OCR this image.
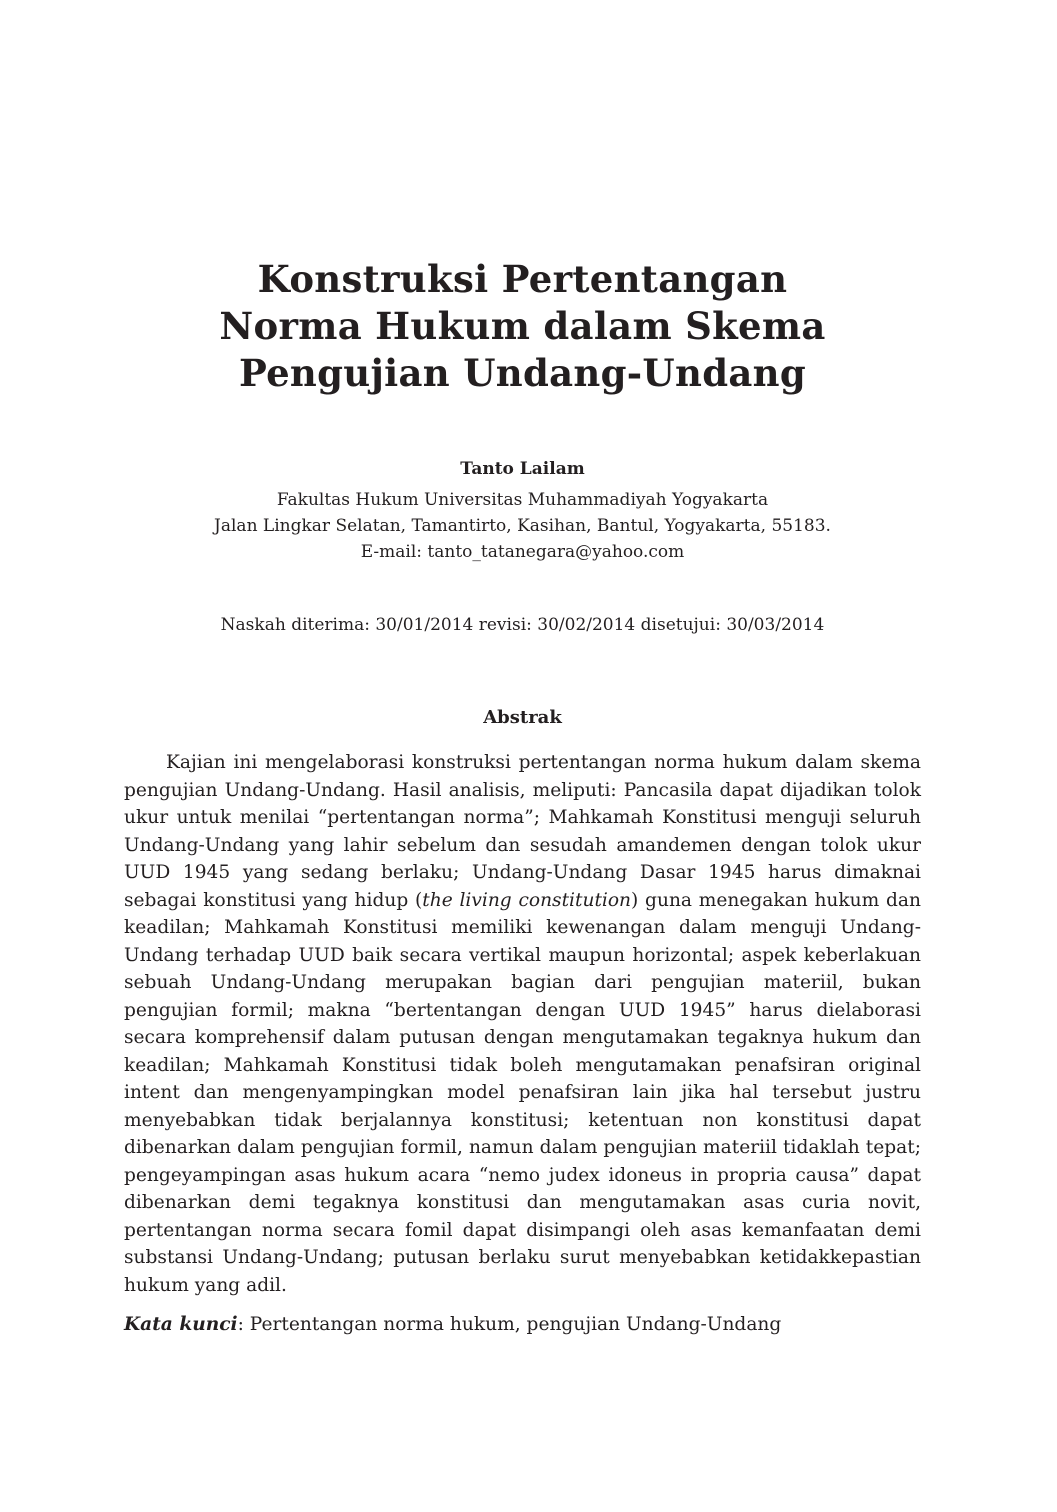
Konstruksi Pertentangan
Norma Hukum dalam Skema
Pengujian Undang-Undang
Tanto Lailam
Fakultas Hukum Universitas Muhammadiyah Yogyakarta
Jalan Lingkar Selatan, Tamantirto, Kasihan, Bantul, Yogyakarta, 55183.
E-mail: tanto_tatanegara@yahoo.com
Naskah diterima: 30/01/2014 revisi: 30/02/2014 disetujui: 30/03/2014
Abstrak

Kajian ini mengelaborasi konstruksi pertentangan norma hukum dalam skema pengujian Undang-Undang. Hasil analisis, meliputi: Pancasila dapat dijadikan tolok ukur untuk menilai “pertentangan norma”; Mahkamah Konstitusi menguji seluruh Undang-Undang yang lahir sebelum dan sesudah amandemen dengan tolok ukur UUD 1945 yang sedang berlaku; Undang-Undang Dasar 1945 harus dimaknai sebagai konstitusi yang hidup (the living constitution) guna menegakan hukum dan keadilan; Mahkamah Konstitusi memiliki kewenangan dalam menguji Undang-Undang terhadap UUD baik secara vertikal maupun horizontal; aspek keberlakuan sebuah Undang-Undang merupakan bagian dari pengujian materiil, bukan pengujian formil; makna “bertentangan dengan UUD 1945” harus dielaborasi secara komprehensif dalam putusan dengan mengutamakan tegaknya hukum dan keadilan; Mahkamah Konstitusi tidak boleh mengutamakan penafsiran original intent dan mengenyampingkan model penafsiran lain jika hal tersebut justru menyebabkan tidak berjalannya konstitusi; ketentuan non konstitusi dapat dibenarkan dalam pengujian formil, namun dalam pengujian materiil tidaklah tepat; pengeyampingan asas hukum acara “nemo judex idoneus in propria causa” dapat dibenarkan demi tegaknya konstitusi dan mengutamakan asas curia novit, pertentangan norma secara fomil dapat disimpangi oleh asas kemanfaatan demi substansi Undang-Undang; putusan berlaku surut menyebabkan ketidakkepastian hukum yang adil.

Kata kunci: Pertentangan norma hukum, pengujian Undang-Undang
